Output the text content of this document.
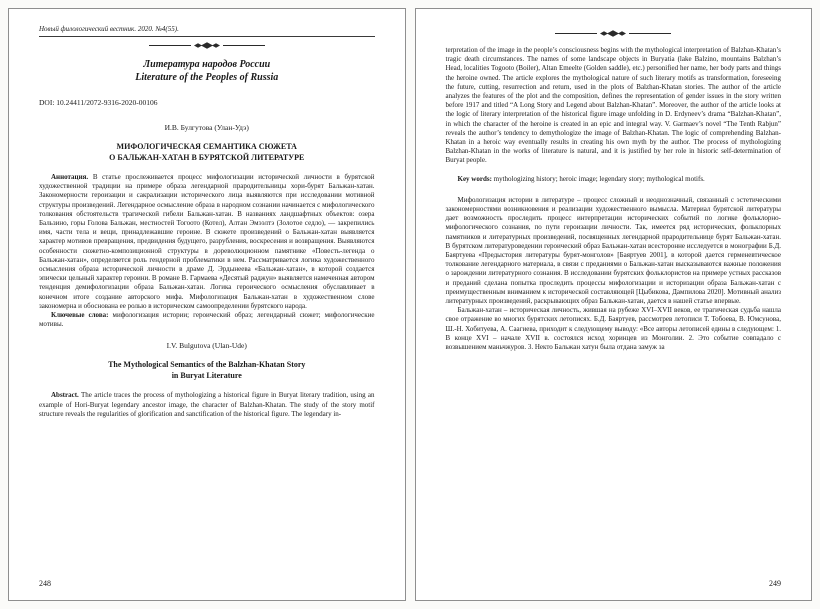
Новый филологический вестник. 2020. №4(55).
Литература народов России
Literature of the Peoples of Russia
DOI: 10.24411/2072-9316-2020-00106
И.В. Булгутова (Улан-Удэ)
МИФОЛОГИЧЕСКАЯ СЕМАНТИКА СЮЖЕТА
О БАЛЬЖАН-ХАТАН В БУРЯТСКОЙ ЛИТЕРАТУРЕ

Аннотация. В статье прослеживается процесс мифологизации исторической личности в бурятской художественной традиции на примере образа легендарной прародительницы хори-бурят Бальжан-хатан. Закономерности героизации и сакрализации исторического лица выявляются при исследовании мотивной структуры произведений. Легендарное осмысление образа в народном сознании начинается с мифологического толкования обстоятельств трагической гибели Бальжан-хатан. В названиях ландшафтных объектов: озера Бальзино, горы Голова Бальжан, местностей Тогоото (Котел), Алтан Эмээлтэ (Золотое седло), — закрепились имя, части тела и вещи, принадлежавшие героине. В сюжете произведений о Бальжан-хатан выявляется характер мотивов превращения, предвидения будущего, разрубления, воскресения и возвращения. Выявляются особенности сюжетно-композиционной структуры в дореволюционном памятнике «Повесть-легенда о Бальжан-хатан», определяется роль гендерной проблематики в нем. Рассматривается логика художественного осмысления образа исторической личности в драме Д. Эрдынеева «Бальжан-хатан», в которой создается эпически цельный характер героини. В романе В. Гармаева «Десятый раджун» выявляется намеченная автором тенденция демифологизации образа Бальжан-хатан. Логика героического осмысления обуславливает в конечном итоге создание авторского мифа. Мифологизация Бальжан-хатан в художественном слове закономерна и обоснована ее ролью в историческом самоопределении бурятского народа.

Ключевые слова: мифологизация истории; героический образ; легендарный сюжет; мифологические мотивы.

I.V. Bulgutova (Ulan-Ude)
The Mythological Semantics of the Balzhan-Khatan Story
in Buryat Literature

Abstract. The article traces the process of mythologizing a historical figure in Buryat literary tradition, using an example of Hori-Buryat legendary ancestor image, the character of Balzhan-Khatan. The study of the story motif structure reveals the regularities of glorification and sanctification of the historical figure. The legendary in-

248

terpretation of the image in the people’s consciousness begins with the mythological interpretation of Balzhan-Khatan’s tragic death circumstances. The names of some landscape objects in Buryatia (lake Balzino, mountains Balzhan’s Head, localities Togooto (Boiler), Altan Emeelte (Golden saddle), etc.) personified her name, her body parts and things the heroine owned. The article explores the mythological nature of such literary motifs as transformation, foreseeing the future, cutting, resurrection and return, used in the plots of Balzhan-Khatan stories. The author of the article analyzes the features of the plot and the composition, defines the representation of gender issues in the story written before 1917 and titled “A Long Story and Legend about Balzhan-Khatan”. Moreover, the author of the article looks at the logic of literary interpretation of the historical figure image unfolding in D. Erdyneev’s drama “Balzhan-Khatan”, in which the character of the heroine is created in an epic and integral way. V. Garmaev’s novel “The Tenth Rabjun” reveals the author’s tendency to demythologize the image of Balzhan-Khatan. The logic of comprehending Balzhan-Khatan in a heroic way eventually results in creating his own myth by the author. The process of mythologizing Balzhan-Khatan in the works of literature is natural, and it is justified by her role in historic self-determination of Buryat people.

Key words: mythologizing history; heroic image; legendary story; mythological motifs.

Мифологизация истории в литературе – процесс сложный и неоднозначный, связанный с эстетическими закономерностями возникновения и реализации художественного вымысла. Материал бурятской литературы дает возможность проследить процесс интерпретации исторических событий по логике фольклорно-мифологического сознания, по пути героизации личности. Так, имеется ряд исторических, фольклорных памятников и литературных произведений, посвященных легендарной прародительнице бурят Бальжан-хатан. В бурятском литературоведении героический образ Бальжан-хатан всесторонне исследуется в монографии Б.Д. Баяртуева «Предыстория литературы бурят-монголов» [Баяртуев 2001], в которой дается герменевтическое толкование легендарного материала, в связи с преданиями о Бальжан-хатан высказываются важные положения о зарождении литературного сознания. В исследовании бурятских фольклористов на примере устных рассказов и преданий сделана попытка проследить процессы мифологизации и историзации образа Бальжан-хатан с преимущественным вниманием к исторической составляющей [Цыбикова, Дампилова 2020]. Мотивный анализ литературных произведений, раскрывающих образ Бальжан-хатан, дается в нашей статье впервые.

Бальжан-хатан – историческая личность, жившая на рубеже XVI–XVII веков, ее трагическая судьба нашла свое отражение во многих бурятских летописях. Б.Д. Баяртуев, рассмотрев летописи Т. Тобоева, В. Юмсунова, Ш.-Н. Хобитуева, А. Саагиева, приходит к следующему выводу: «Все авторы летописей едины в следующем: 1. В конце XVI – начале XVII в. состоялся исход хоринцев из Монголии. 2. Это событие совпадало с возвышением маньчжуров. 3. Некто Бальжан хатун была отдана замуж за

249
